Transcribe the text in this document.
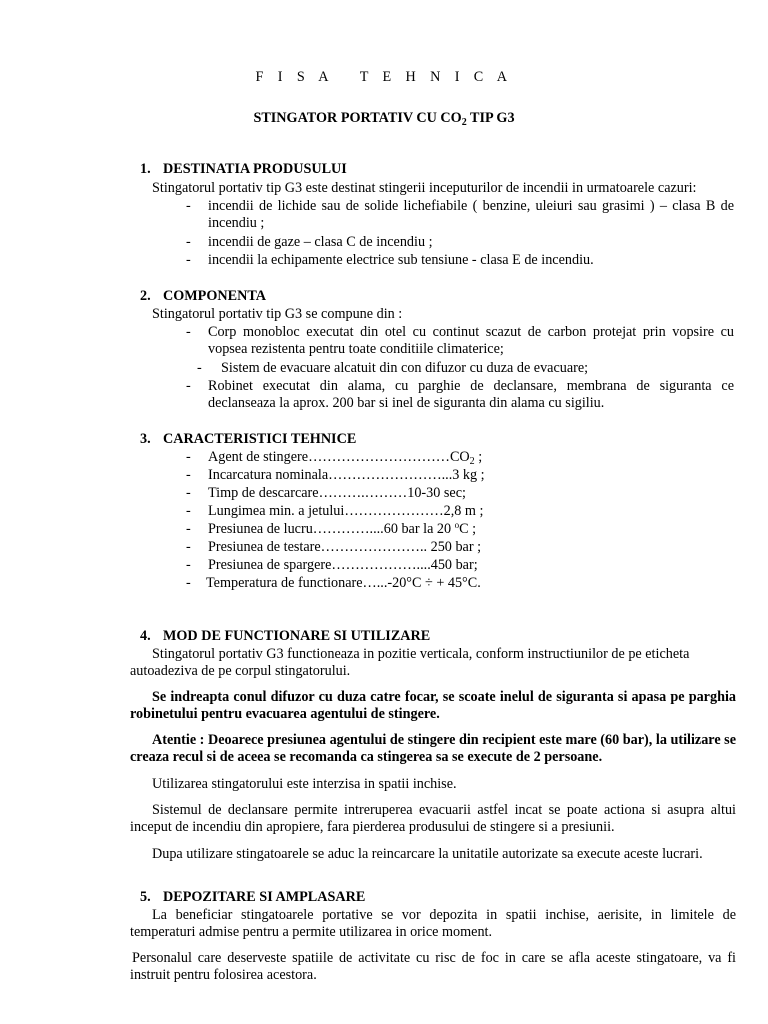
F I S A   T E H N I C A
STINGATOR PORTATIV CU $CO_2$ TIP G3
1. DESTINATIA PRODUSULUI
Stingatorul portativ tip G3 este destinat stingerii inceputurilor de incendii in urmatoarele cazuri:
- incendii de lichide sau de solide lichefiabile ( benzine, uleiuri sau grasimi ) – clasa B de incendiu ;
- incendii de gaze – clasa C de incendiu ;
- incendii la echipamente electrice sub tensiune - clasa E de incendiu.
2. COMPONENTA
Stingatorul portativ tip G3 se compune din :
- Corp monobloc executat din otel cu continut scazut de carbon protejat prin vopsire cu vopsea rezistenta pentru toate conditiile climaterice;
- Sistem de evacuare alcatuit din con difuzor cu duza de evacuare;
- Robinet executat din alama, cu parghie de declansare, membrana de siguranta ce declanseaza la aprox. 200 bar si inel de siguranta din alama cu sigiliu.
3. CARACTERISTICI TEHNICE
- Agent de $stingere\dots\dots\dots\dots\dots\dots\dots\dots\dots\dots CO_2$ ;
- Incarcatura nominala……………………...3 kg ;
- Timp de descarcare……….………10-30 sec;
- Lungimea min. a jetului…………………2,8 m ;
- Presiunea de lucru…………....60 bar la 20 $^o$C ;
- Presiunea de testare………………….. 250 bar ;
- Presiunea de spargere………………....450 bar;
- Temperatura de functionare…...-20°C ÷ + 45°C.
4. MOD DE FUNCTIONARE SI UTILIZARE
Stingatorul portativ G3 functioneaza in pozitie verticala, conform instructiunilor de pe eticheta autoadeziva de pe corpul stingatorului.
Se indreapta conul difuzor cu duza catre focar, se scoate inelul de siguranta si apasa pe parghia robinetului pentru evacuarea agentului de stingere.
Atentie : Deoarece presiunea agentului de stingere din recipient este mare (60 bar), la utilizare se creaza recul si de aceea se recomanda ca stingerea sa se execute de 2 persoane.
Utilizarea stingatorului este interzisa in spatii inchise.
Sistemul de declansare permite intreruperea evacuarii astfel incat se poate actiona si asupra altui inceput de incendiu din apropiere, fara pierderea produsului de stingere si a presiunii.
Dupa utilizare stingatoarele se aduc la reincarcare la unitatile autorizate sa execute aceste lucrari.
5. DEPOZITARE SI AMPLASARE
La beneficiar stingatoarele portative se vor depozita in spatii inchise, aerisite, in limitele de temperaturi admise pentru a permite utilizarea in orice moment.
Personalul care deserveste spatiile de activitate cu risc de foc in care se afla aceste stingatoare, va fi instruit pentru folosirea acestora.
